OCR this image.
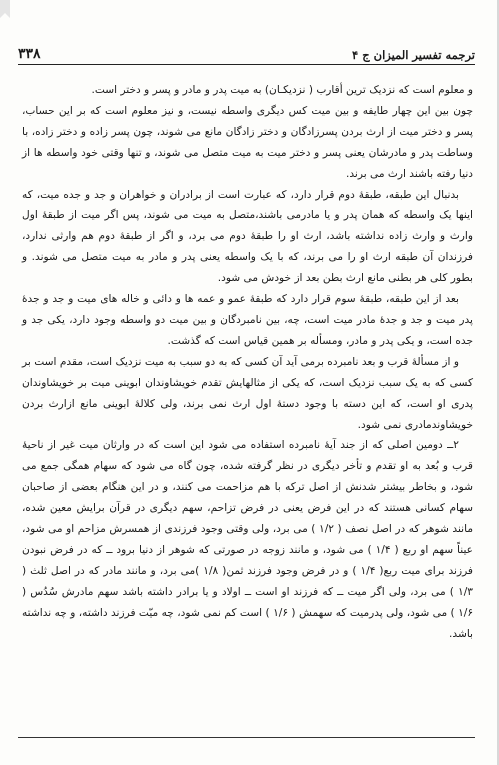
۳۳۸	ترجمه تفسير الميزان ج ۴

و معلوم است که نزديک ترين أقارب ( نزديکـان) به ميت پدر و مادر و پسر و دختر است.

چون بين اين چهار طايفه و بين ميت کس ديگری واسطه نيست، و نيز معلوم است که بر اين حساب، پسر و دختر ميت از ارث بردن پسرزادگان و دختر زادگان مانع می شوند، چون پسر زاده و دختر زاده، با وساطت پدر و مادرشان يعنی پسر و دختر ميت به ميت متصل می شوند، و تنها وقتی خود واسطه ها از دنيا رفته باشند ارث می برند.

بدنبال اين طبقه، طبقهٔ دوم قرار دارد، که عبارت است از برادران و خواهران و جد و جده ميت، که اينها يک واسطه که همان پدر و يا مادرمی باشند،متصل به ميت می شوند، پس اگر ميت از طبقهٔ اول وارث و وارث زاده نداشته باشد، ارث او را طبقهٔ دوم می برد، و اگر از طبقهٔ دوم هم وارثی ندارد، فرزندان آن طبقه ارث او را می برند، که با يک واسطه يعنی پدر و مادر به ميت متصل می شوند. و بطور کلی هر بطنی مانع ارث بطن بعد از خودش می شود.

بعد از اين طبقه، طبقهٔ سوم قرار دارد که طبقهٔ عمو و عمه ها و دائی و خاله های ميت و جد و جدهٔ پدر ميت و جد و جدهٔ مادر ميت است، چه، بين نامبردگان و بين ميت دو واسطه وجود دارد، يکی جد و جده است، و يکی پدر و مادر، ومسأله بر همين قياس است که گذشت.

و از مسألهٔ قرب و بعد نامبرده برمی آيد آن کسی که به دو سبب به ميت نزديک است، مقدم است بر کسی که به يک سبب نزديک است، که يکی از مثالهايش تقدم خويشاوندان ابوينی ميت بر خويشاوندان پدری او است، که اين دسته با وجود دستهٔ اول ارث نمی برند، ولی کلالهٔ ابوينی مانع ازارث بردن خويشاوندمادری نمی شود.

۲ــ دومين اصلی که از جند آيهٔ نامبرده استفاده می شود اين است که در وارثان ميت غير از ناحيهٔ قرب و بُعد به او تقدم و تأخر ديگری در نظر گرفته شده، چون گاه می شود که سهام همگی جمع می شود، و بخاطر بيشتر شدنش از اصل ترکه با هم مزاحمت می کنند، و در اين هنگام بعضی از صاحبان سهام کسانی هستند که در اين فرض يعنی در فرض تزاحم، سهم ديگری در قرآن برايش معين شده، مانند شوهر که در اصل نصف ( ۱/۲ ) می برد، ولی وقتی وجود فرزندی از همسرش مزاحم او می شود، عيناً سهم او ربع ( ۱/۴ ) می شود، و مانند زوجه در صورتی که شوهر از دنيا برود ــ که در فرض نبودن فرزند برای ميت ربع( ۱/۴ ) و در فرض وجود فرزند ثمن( ۱/۸ )می برد، و مانند مادر که در اصل ثلث ( ۱/۳ ) می برد، ولی اگر ميت ــ که فرزند او است ــ اولاد و يا برادر داشته باشد سهم مادرش سُدُس ( ۱/۶ ) می شود، ولی پدرميت که سهمش ( ۱/۶ ) است کم نمی شود، چه ميّت فرزند داشته، و چه نداشته باشد.
